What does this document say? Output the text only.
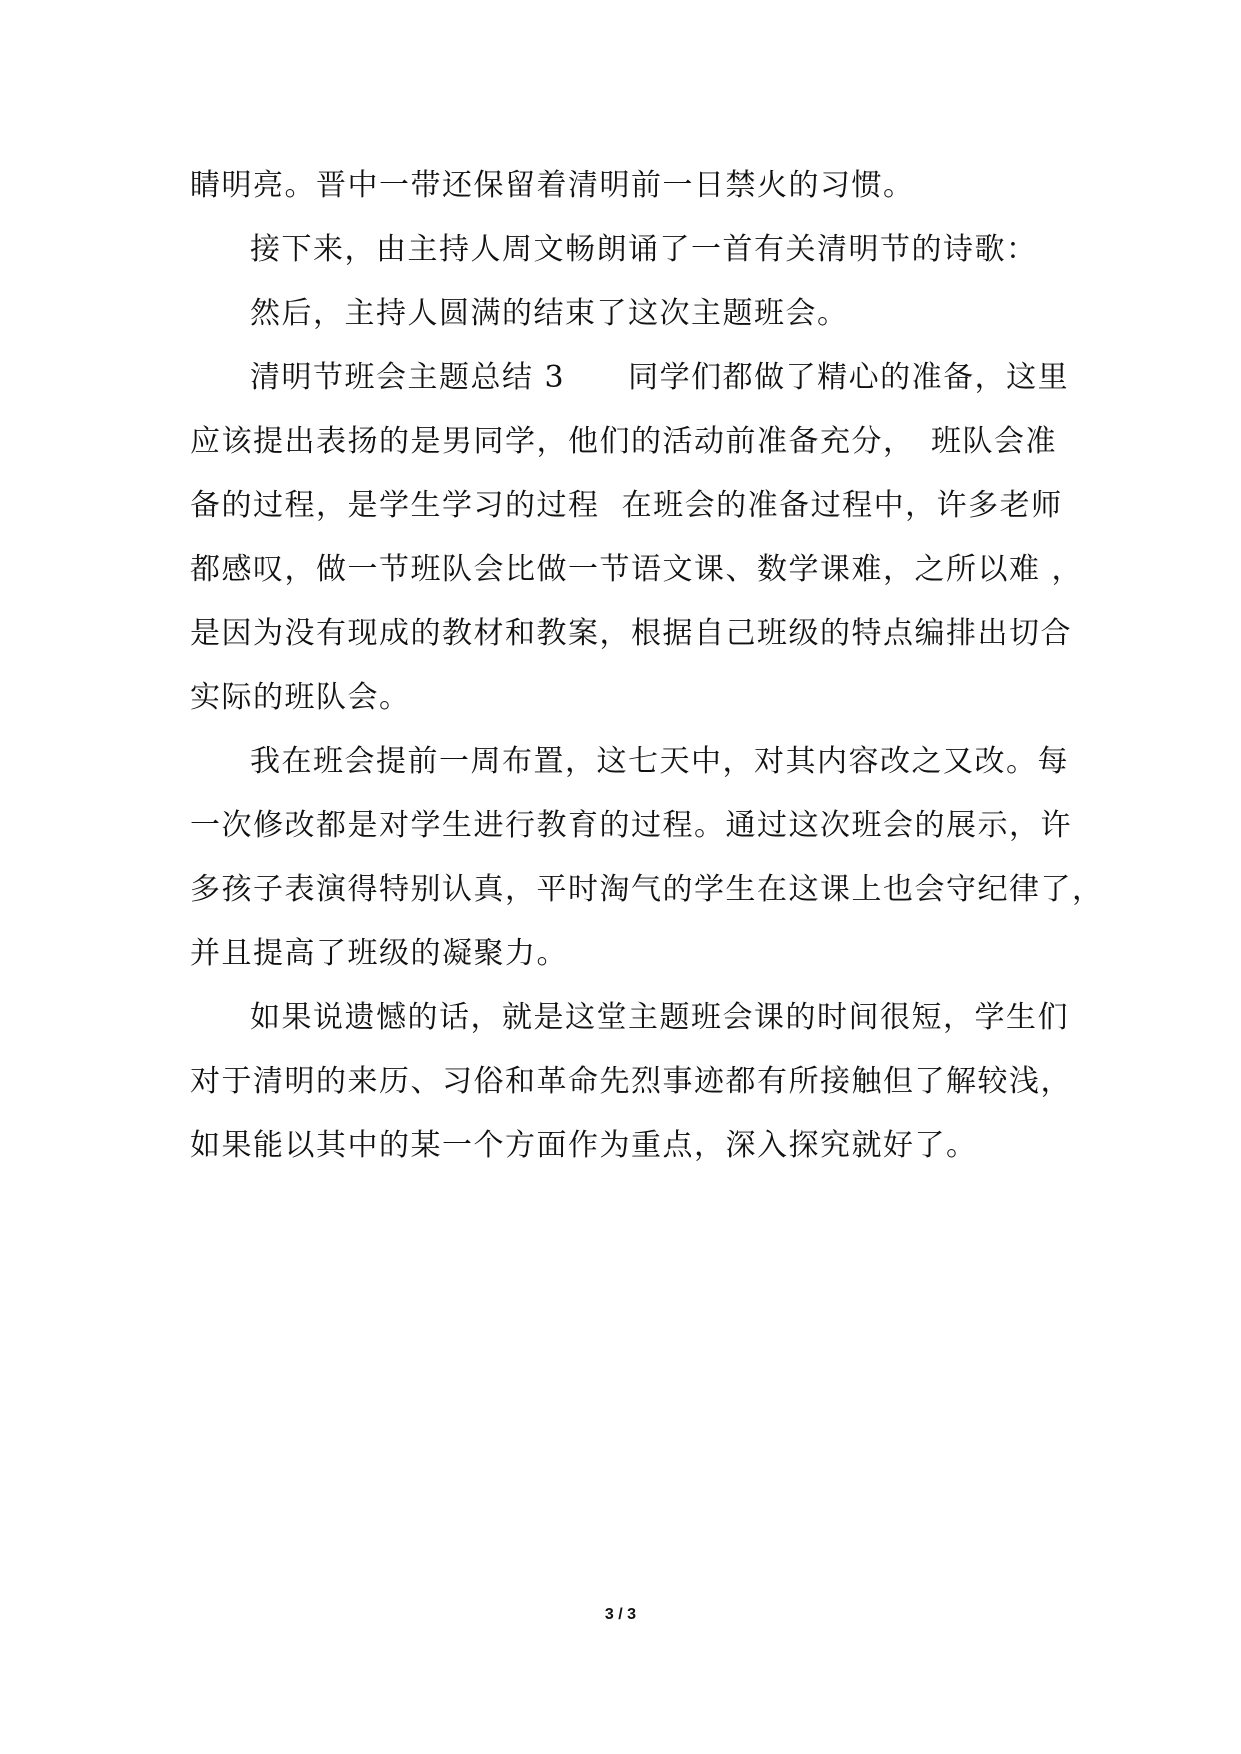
睛明亮。晋中一带还保留着清明前一日禁火的习惯。
接下来，由主持人周文畅朗诵了一首有关清明节的诗歌：
然后，主持人圆满的结束了这次主题班会。
清明节班会主题总结 3　　同学们都做了精心的准备，这里
应该提出表扬的是男同学，他们的活动前准备充分，　班队会准
备的过程，是学生学习的过程  在班会的准备过程中，许多老师
都感叹，做一节班队会比做一节语文课、数学课难，之所以难 ，
是因为没有现成的教材和教案，根据自己班级的特点编排出切合
实际的班队会。
我在班会提前一周布置，这七天中，对其内容改之又改。每
一次修改都是对学生进行教育的过程。通过这次班会的展示，许
多孩子表演得特别认真，平时淘气的学生在这课上也会守纪律了，
并且提高了班级的凝聚力。
如果说遗憾的话，就是这堂主题班会课的时间很短，学生们
对于清明的来历、习俗和革命先烈事迹都有所接触但了解较浅，
如果能以其中的某一个方面作为重点，深入探究就好了。
3 / 3
